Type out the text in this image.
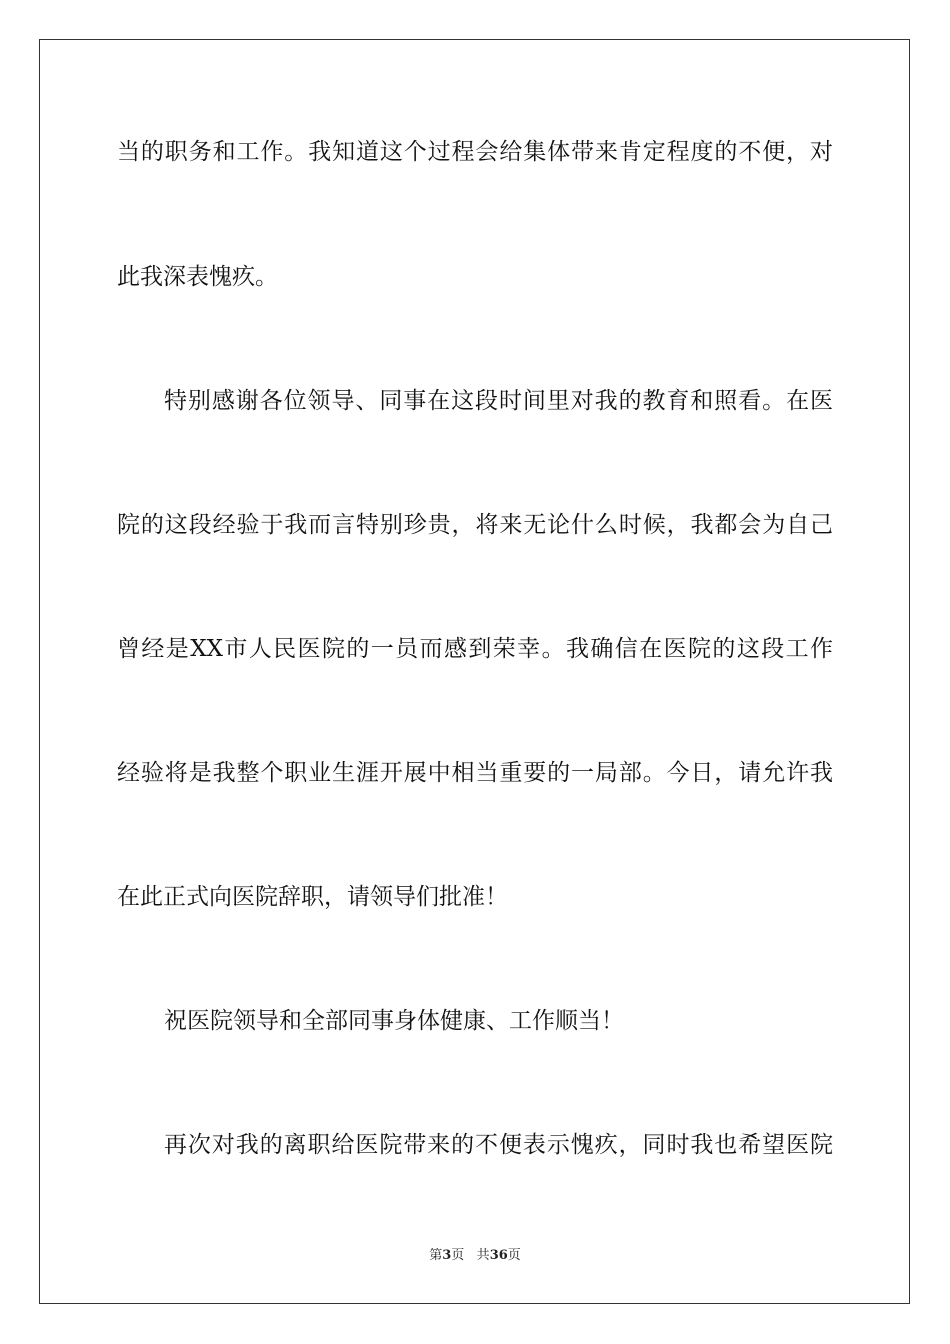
当的职务和工作。我知道这个过程会给集体带来肯定程度的不便，对
此我深表愧疚。
特别感谢各位领导、同事在这段时间里对我的教育和照看。在医
院的这段经验于我而言特别珍贵，将来无论什么时候，我都会为自己
曾经是XX市人民医院的一员而感到荣幸。我确信在医院的这段工作
经验将是我整个职业生涯开展中相当重要的一局部。今日，请允许我
在此正式向医院辞职，请领导们批准！
祝医院领导和全部同事身体健康、工作顺当！
再次对我的离职给医院带来的不便表示愧疚，同时我也希望医院
第3页 共36页
